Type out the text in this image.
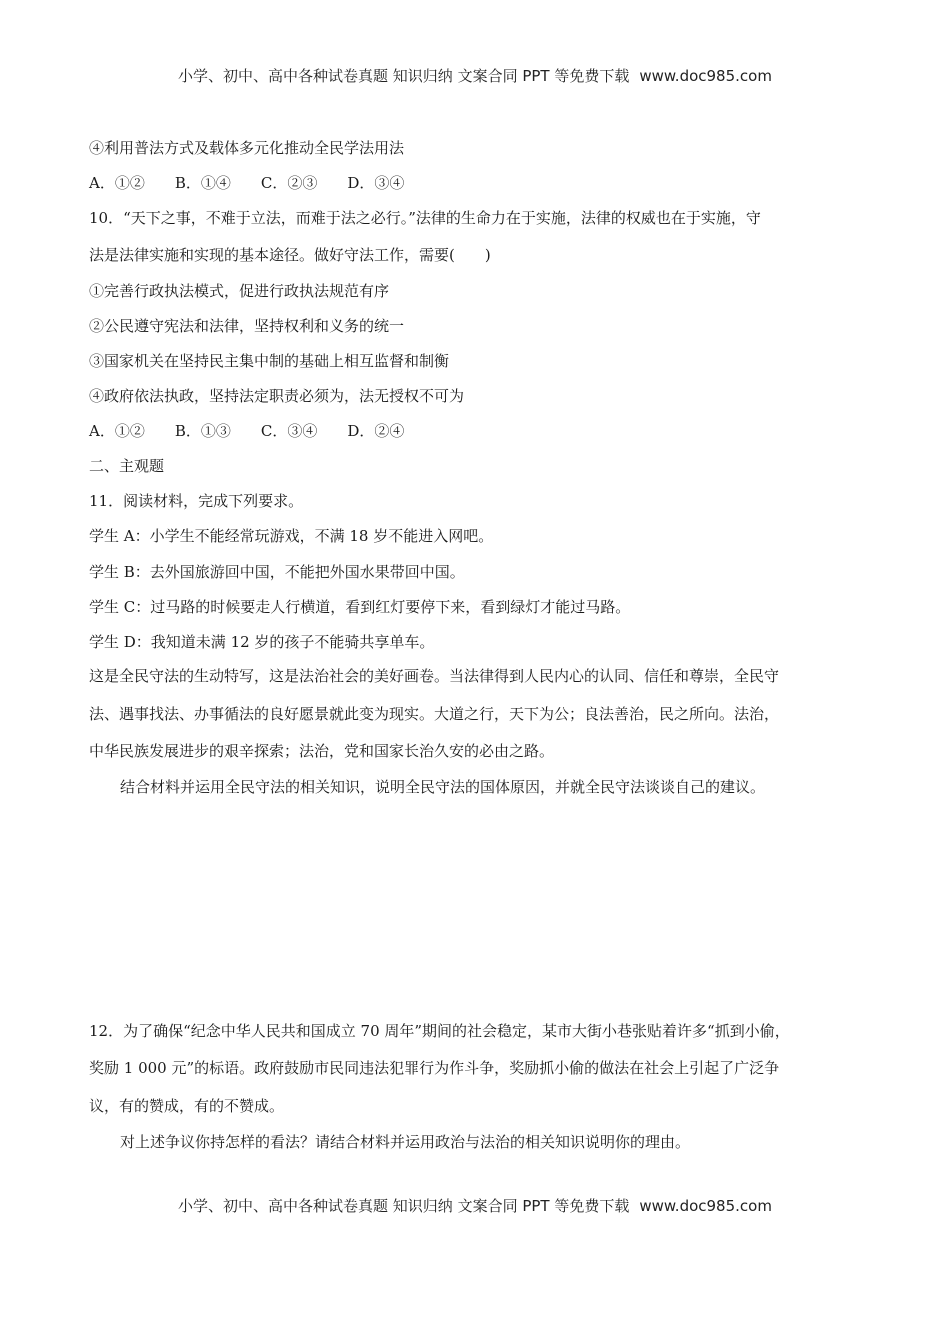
小学、初中、高中各种试卷真题 知识归纳 文案合同 PPT 等免费下载 www.doc985.com
④利用普法方式及载体多元化推动全民学法用法
A．①② B．①④ C．②③ D．③④
10．“天下之事，不难于立法，而难于法之必行。”法律的生命力在于实施，法律的权威也在于实施，守
法是法律实施和实现的基本途径。做好守法工作，需要(　　)
①完善行政执法模式，促进行政执法规范有序
②公民遵守宪法和法律，坚持权利和义务的统一
③国家机关在坚持民主集中制的基础上相互监督和制衡
④政府依法执政，坚持法定职责必须为，法无授权不可为
A．①② B．①③ C．③④ D．②④
二、主观题
11．阅读材料，完成下列要求。
学生 A：小学生不能经常玩游戏，不满 18 岁不能进入网吧。
学生 B：去外国旅游回中国，不能把外国水果带回中国。
学生 C：过马路的时候要走人行横道，看到红灯要停下来，看到绿灯才能过马路。
学生 D：我知道未满 12 岁的孩子不能骑共享单车。
这是全民守法的生动特写，这是法治社会的美好画卷。当法律得到人民内心的认同、信任和尊崇，全民守
法、遇事找法、办事循法的良好愿景就此变为现实。大道之行，天下为公；良法善治，民之所向。法治，
中华民族发展进步的艰辛探索；法治，党和国家长治久安的必由之路。
结合材料并运用全民守法的相关知识，说明全民守法的国体原因，并就全民守法谈谈自己的建议。
12．为了确保“纪念中华人民共和国成立 70 周年”期间的社会稳定，某市大街小巷张贴着许多“抓到小偷，
奖励 1 000 元”的标语。政府鼓励市民同违法犯罪行为作斗争，奖励抓小偷的做法在社会上引起了广泛争
议，有的赞成，有的不赞成。
对上述争议你持怎样的看法？请结合材料并运用政治与法治的相关知识说明你的理由。
小学、初中、高中各种试卷真题 知识归纳 文案合同 PPT 等免费下载 www.doc985.com
